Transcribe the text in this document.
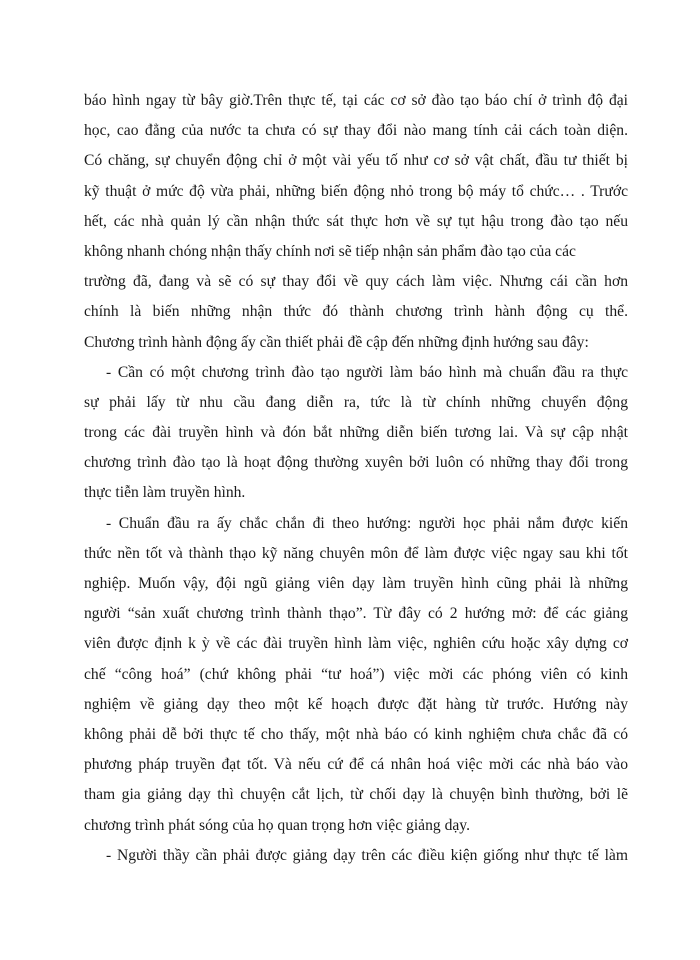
báo hình ngay từ bây giờ.Trên thực tế, tại các cơ sở đào tạo báo chí ở trình độ đại
học, cao đẳng của nước ta chưa có sự thay đổi nào mang tính cải cách toàn diện.
Có chăng, sự chuyển động chỉ ở một vài yếu tố như cơ sở vật chất, đầu tư thiết bị
kỹ thuật ở mức độ vừa phải, những biến động nhỏ trong bộ máy tổ chức… . Trước
hết, các nhà quản lý cần nhận thức sát thực hơn về sự tụt hậu trong đào tạo nếu
không nhanh chóng nhận thấy chính nơi sẽ tiếp nhận sản phẩm đào tạo của các
trường đã, đang và sẽ có sự thay đổi về quy cách làm việc. Nhưng cái cần hơn
chính là biến những nhận thức đó thành chương trình hành động cụ thể.
Chương trình hành động ấy cần thiết phải đề cập đến những định hướng sau đây:

- Cần có một chương trình đào tạo người làm báo hình mà chuẩn đầu ra thực
sự phải lấy từ nhu cầu đang diễn ra, tức là từ chính những chuyển động
trong các đài truyền hình và đón bắt những diễn biến tương lai. Và sự cập nhật
chương trình đào tạo là hoạt động thường xuyên bởi luôn có những thay đổi trong
thực tiễn làm truyền hình.

- Chuẩn đầu ra ấy chắc chắn đi theo hướng: người học phải nắm được kiến
thức nền tốt và thành thạo kỹ năng chuyên môn để làm được việc ngay sau khi tốt
nghiệp. Muốn vậy, đội ngũ giảng viên dạy làm truyền hình cũng phải là những
người “sản xuất chương trình thành thạo”. Từ đây có 2 hướng mở: để các giảng
viên được định k ỳ về các đài truyền hình làm việc, nghiên cứu hoặc xây dựng cơ
chế “công hoá” (chứ không phải “tư hoá”) việc mời các phóng viên có kinh
nghiệm về giảng dạy theo một kế hoạch được đặt hàng từ trước. Hướng này
không phải dễ bởi thực tế cho thấy, một nhà báo có kinh nghiệm chưa chắc đã có
phương pháp truyền đạt tốt. Và nếu cứ để cá nhân hoá việc mời các nhà báo vào
tham gia giảng dạy thì chuyện cắt lịch, từ chối dạy là chuyện bình thường, bởi lẽ
chương trình phát sóng của họ quan trọng hơn việc giảng dạy.

- Người thầy cần phải được giảng dạy trên các điều kiện giống như thực tế làm
